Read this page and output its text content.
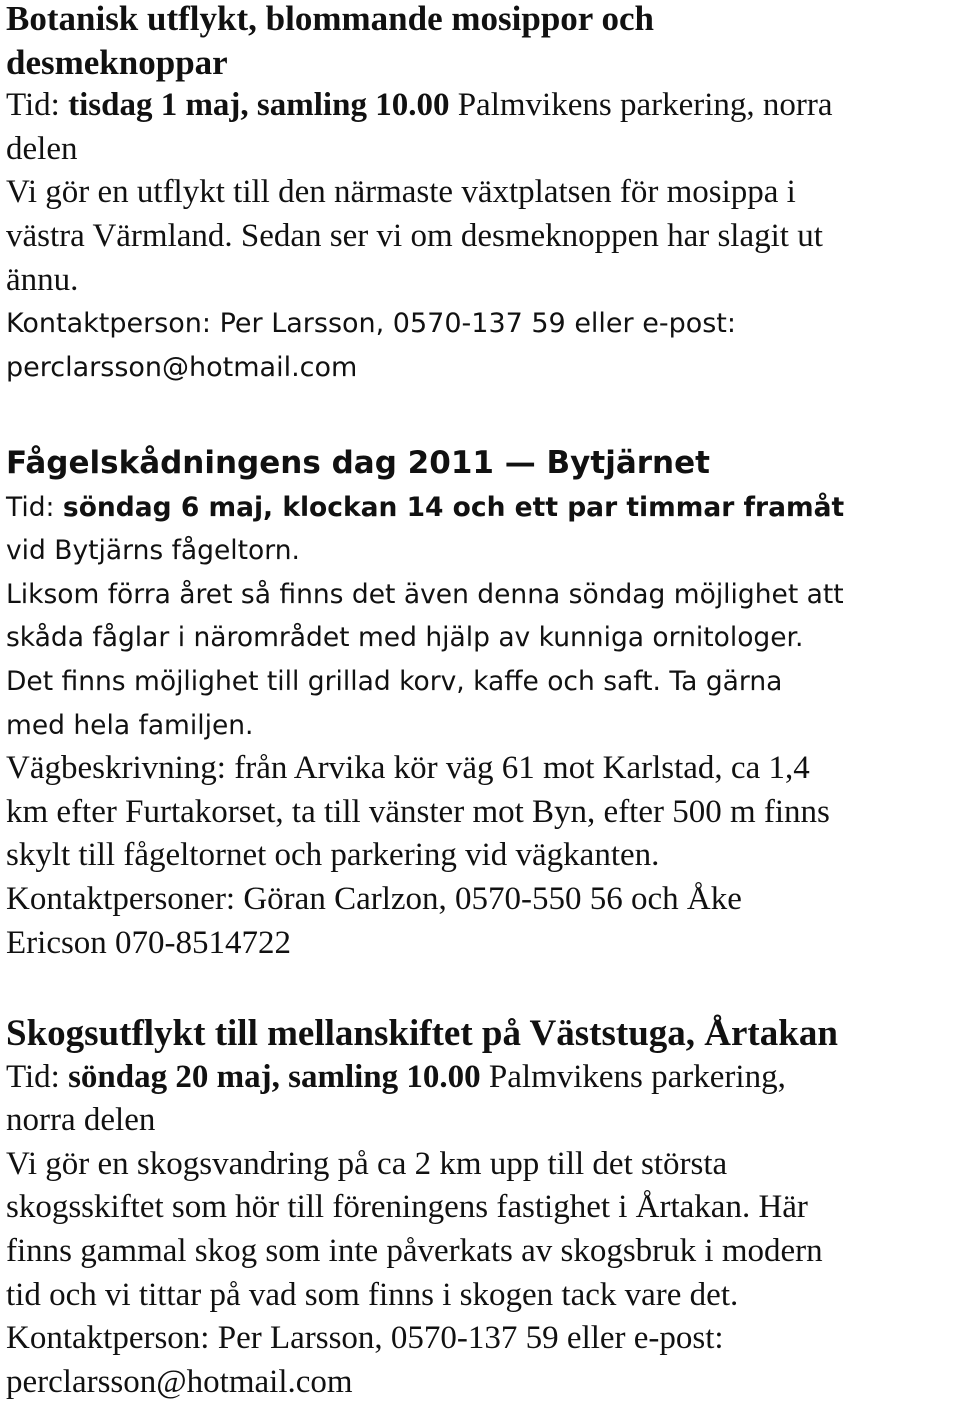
Botanisk utflykt, blommande mosippor och
desmeknoppar
Tid: tisdag 1 maj, samling 10.00 Palmvikens parkering, norra
delen
Vi gör en utflykt till den närmaste växtplatsen för mosippa i
västra Värmland. Sedan ser vi om desmeknoppen har slagit ut
ännu.
Kontaktperson: Per Larsson, 0570-137 59 eller e-post:
perclarsson@hotmail.com
Fågelskådningens dag 2011 — Bytjärnet
Tid: söndag 6 maj, klockan 14 och ett par timmar framåt
vid Bytjärns fågeltorn.
Liksom förra året så finns det även denna söndag möjlighet att
skåda fåglar i närområdet med hjälp av kunniga ornitologer.
Det finns möjlighet till grillad korv, kaffe och saft. Ta gärna
med hela familjen.
Vägbeskrivning: från Arvika kör väg 61 mot Karlstad, ca 1,4
km efter Furtakorset, ta till vänster mot Byn, efter 500 m finns
skylt till fågeltornet och parkering vid vägkanten.
Kontaktpersoner: Göran Carlzon, 0570-550 56 och Åke
Ericson 070-8514722
Skogsutflykt till mellanskiftet på Väststuga, Årtakan
Tid: söndag 20 maj, samling 10.00 Palmvikens parkering,
norra delen
Vi gör en skogsvandring på ca 2 km upp till det största
skogsskiftet som hör till föreningens fastighet i Årtakan. Här
finns gammal skog som inte påverkats av skogsbruk i modern
tid och vi tittar på vad som finns i skogen tack vare det.
Kontaktperson: Per Larsson, 0570-137 59 eller e-post:
perclarsson@hotmail.com
